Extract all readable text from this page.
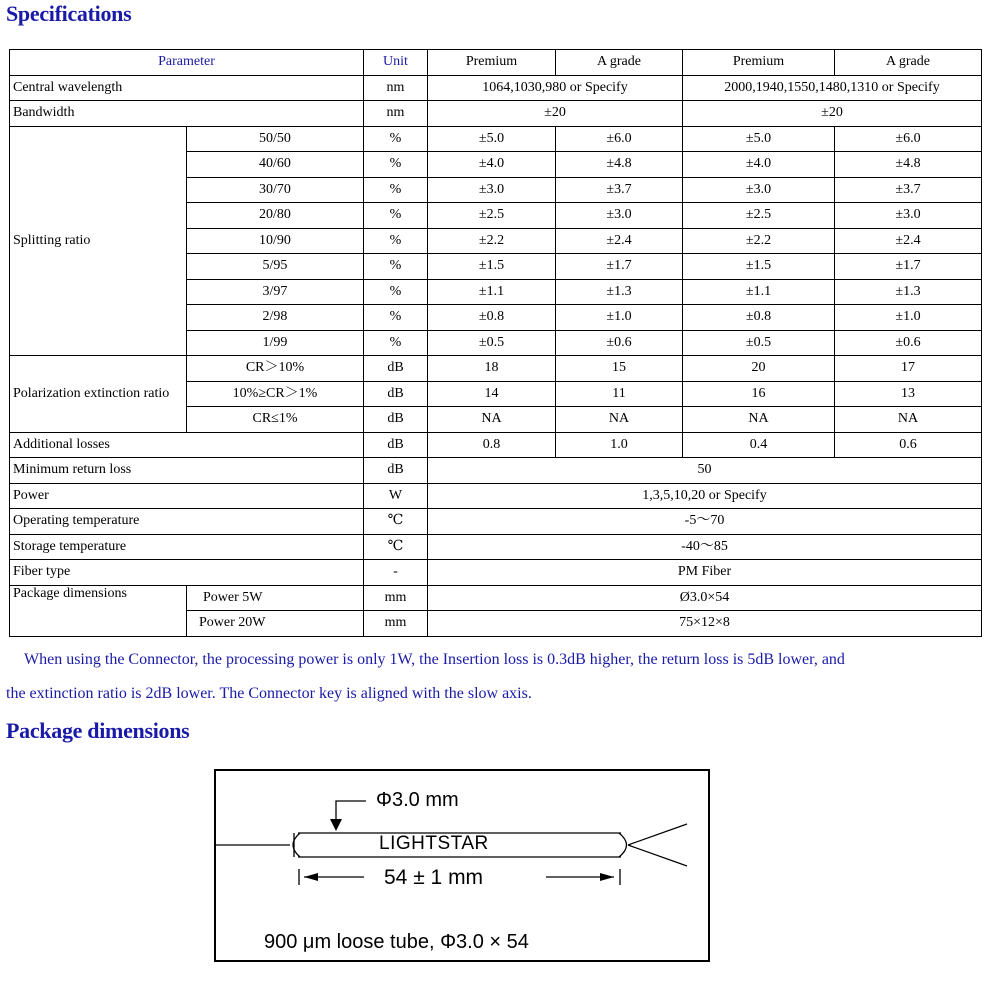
Specifications
Parameter		Unit	Premium	A grade	Premium	A grade
Central wavelength		nm	1064,1030,980 or Specify		2000,1940,1550,1480,1310 or Specify	
Bandwidth		nm	±20		±20	
Splitting ratio	50/50	%	±5.0	±6.0	±5.0	±6.0
	40/60	%	±4.0	±4.8	±4.0	±4.8
	30/70	%	±3.0	±3.7	±3.0	±3.7
	20/80	%	±2.5	±3.0	±2.5	±3.0
	10/90	%	±2.2	±2.4	±2.2	±2.4
	5/95	%	±1.5	±1.7	±1.5	±1.7
	3/97	%	±1.1	±1.3	±1.1	±1.3
	2/98	%	±0.8	±1.0	±0.8	±1.0
	1/99	%	±0.5	±0.6	±0.5	±0.6
Polarization extinction ratio	CR＞10%	dB	18	15	20	17
	10%≥CR＞1%	dB	14	11	16	13
	CR≤1%	dB	NA	NA	NA	NA
Additional losses		dB	0.8	1.0	0.4	0.6
Minimum return loss		dB	50			
Power		W	1,3,5,10,20 or Specify			
Operating temperature		℃	-5～70			
Storage temperature		℃	-40～85			
Fiber type		-	PM Fiber			
Package dimensions	Power 5W	mm	Ø3.0×54			
	Power 20W	mm	75×12×8			
When using the Connector, the processing power is only 1W, the Insertion loss is 0.3dB higher, the return loss is 5dB lower, and
the extinction ratio is 2dB lower. The Connector key is aligned with the slow axis.
Package dimensions
Φ3.0 mm
LIGHTSTAR
54 ± 1 mm
900 μm loose tube, Φ3.0 × 54
